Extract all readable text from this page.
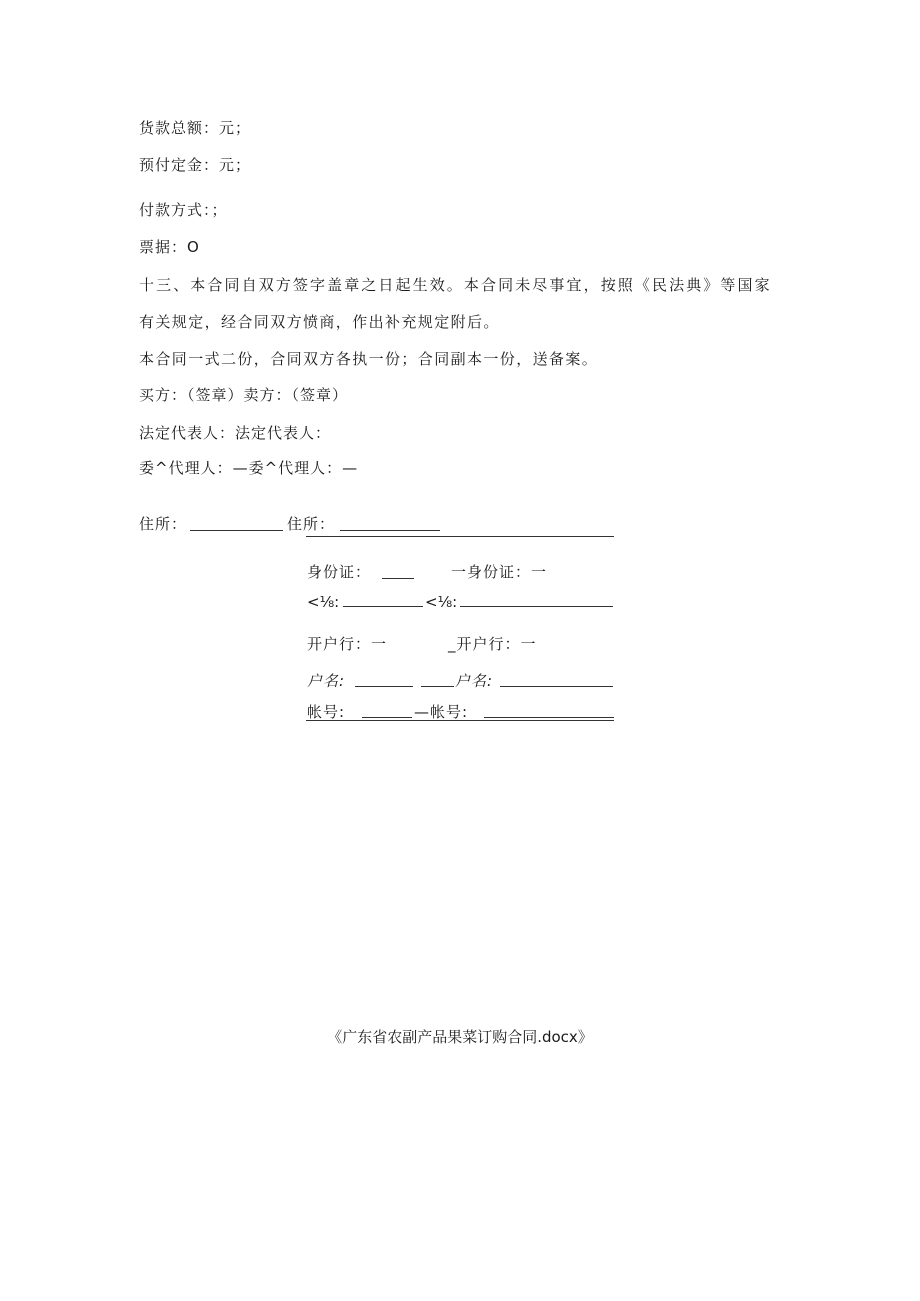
货款总额：元；
预付定金：元；
付款方式：；
票据：O
十三、本合同自双方签字盖章之日起生效。本合同未尽事宜，按照《民法典》等国家
有关规定，经合同双方愤商，作出补充规定附后。
本合同一式二份，合同双方各执一份；合同副本一份，送备案。
买方：（签章）卖方：（签章）
法定代表人：法定代表人：
委^代理人：—委^代理人：—
住所：	住所：
身份证：	一身份证：一
<⅛:	<⅛:
开户行：一	_开户行：一
户名:	户名:
帐号:	—帐号:
《广东省农副产品果菜订购合同.docx》
